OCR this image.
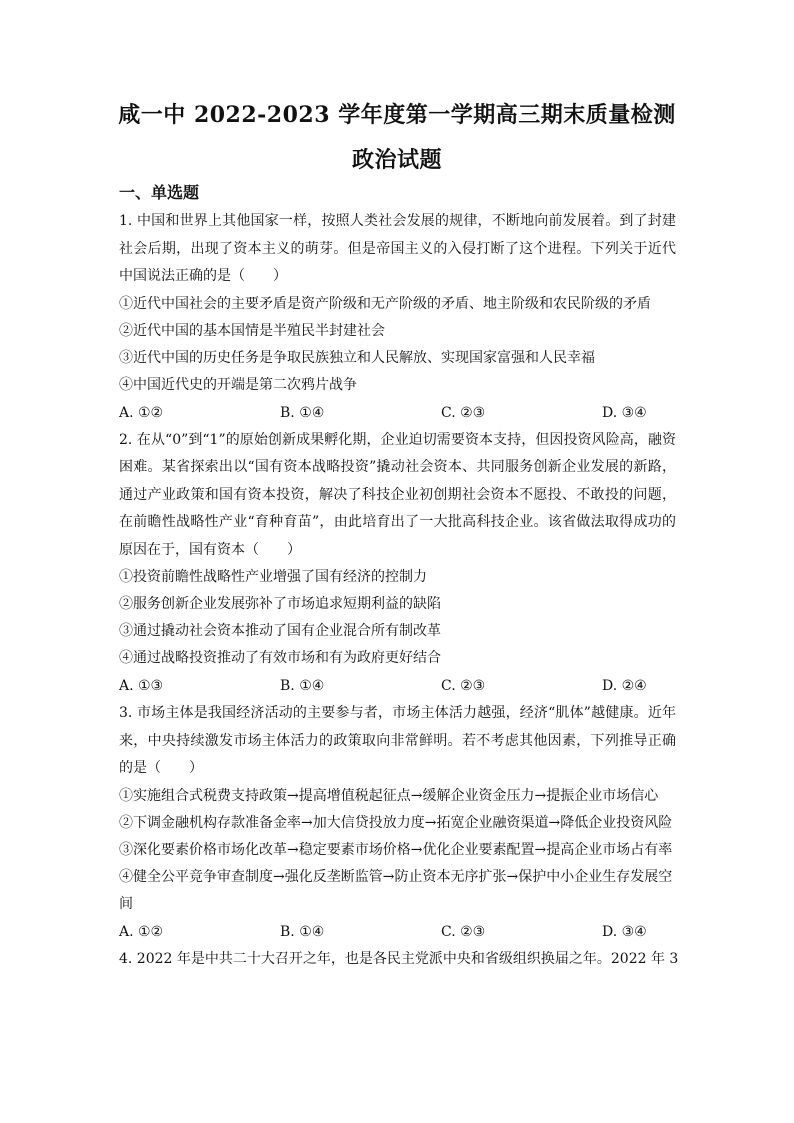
咸一中 2022-2023 学年度第一学期高三期末质量检测
政治试题
一、单选题

1. 中国和世界上其他国家一样，按照人类社会发展的规律，不断地向前发展着。到了封建社会后期，出现了资本主义的萌芽。但是帝国主义的入侵打断了这个进程。下列关于近代中国说法正确的是（　　）

①近代中国社会的主要矛盾是资产阶级和无产阶级的矛盾、地主阶级和农民阶级的矛盾

②近代中国的基本国情是半殖民半封建社会

③近代中国的历史任务是争取民族独立和人民解放、实现国家富强和人民幸福

④中国近代史的开端是第二次鸦片战争

A. ①②	B. ①④	C. ②③	D. ③④

2. 在从“0”到“1”的原始创新成果孵化期，企业迫切需要资本支持，但因投资风险高，融资困难。某省探索出以“国有资本战略投资”撬动社会资本、共同服务创新企业发展的新路，通过产业政策和国有资本投资，解决了科技企业初创期社会资本不愿投、不敢投的问题，在前瞻性战略性产业“育种育苗”，由此培育出了一大批高科技企业。该省做法取得成功的原因在于，国有资本（　　）

①投资前瞻性战略性产业增强了国有经济的控制力

②服务创新企业发展弥补了市场追求短期利益的缺陷

③通过撬动社会资本推动了国有企业混合所有制改革

④通过战略投资推动了有效市场和有为政府更好结合

A. ①③	B. ①④	C. ②③	D. ②④

3. 市场主体是我国经济活动的主要参与者，市场主体活力越强，经济“肌体”越健康。近年来，中央持续激发市场主体活力的政策取向非常鲜明。若不考虑其他因素，下列推导正确的是（　　）

①实施组合式税费支持政策→提高增值税起征点→缓解企业资金压力→提振企业市场信心

②下调金融机构存款准备金率→加大信贷投放力度→拓宽企业融资渠道→降低企业投资风险

③深化要素价格市场化改革→稳定要素市场价格→优化企业要素配置→提高企业市场占有率

④健全公平竞争审查制度→强化反垄断监管→防止资本无序扩张→保护中小企业生存发展空间

A. ①②	B. ①④	C. ②③	D. ③④

4. 2022 年是中共二十大召开之年，也是各民主党派中央和省级组织换届之年。2022 年 3
